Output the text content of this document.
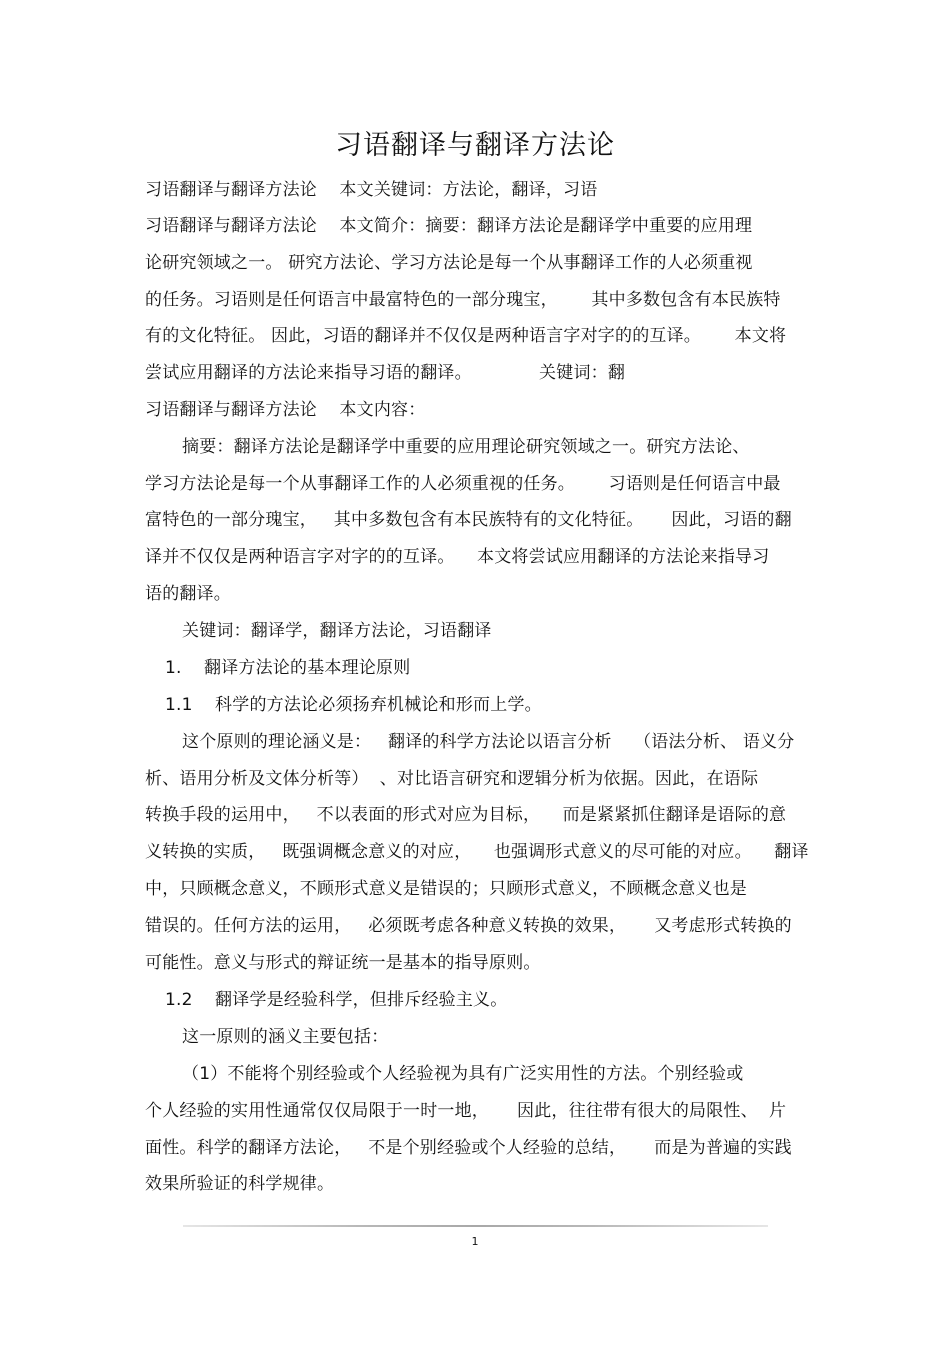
习语翻译与翻译方法论
习语翻译与翻译方法论    本文关键词：方法论，翻译，习语
习语翻译与翻译方法论    本文简介：摘要：翻译方法论是翻译学中重要的应用理
论研究领域之一。 研究方法论、学习方法论是每一个从事翻译工作的人必须重视
的任务。习语则是任何语言中最富特色的一部分瑰宝，      其中多数包含有本民族特
有的文化特征。 因此，习语的翻译并不仅仅是两种语言字对字的的互译。      本文将
尝试应用翻译的方法论来指导习语的翻译。            关键词：翻
习语翻译与翻译方法论    本文内容：
摘要：翻译方法论是翻译学中重要的应用理论研究领域之一。研究方法论、
学习方法论是每一个从事翻译工作的人必须重视的任务。      习语则是任何语言中最
富特色的一部分瑰宝，   其中多数包含有本民族特有的文化特征。     因此，习语的翻
译并不仅仅是两种语言字对字的的互译。    本文将尝试应用翻译的方法论来指导习
语的翻译。
关键词：翻译学，翻译方法论，习语翻译
1.    翻译方法论的基本理论原则
1.1    科学的方法论必须扬弃机械论和形而上学。
这个原则的理论涵义是：   翻译的科学方法论以语言分析    （语法分析、 语义分
析、语用分析及文体分析等）  、对比语言研究和逻辑分析为依据。因此，在语际
转换手段的运用中，   不以表面的形式对应为目标，    而是紧紧抓住翻译是语际的意
义转换的实质，   既强调概念意义的对应，    也强调形式意义的尽可能的对应。    翻译
中，只顾概念意义，不顾形式意义是错误的；只顾形式意义，不顾概念意义也是
错误的。任何方法的运用，   必须既考虑各种意义转换的效果，     又考虑形式转换的
可能性。意义与形式的辩证统一是基本的指导原则。
1.2    翻译学是经验科学，但排斥经验主义。
这一原则的涵义主要包括：
（1）不能将个别经验或个人经验视为具有广泛实用性的方法。个别经验或
个人经验的实用性通常仅仅局限于一时一地，     因此，往往带有很大的局限性、  片
面性。科学的翻译方法论，   不是个别经验或个人经验的总结，     而是为普遍的实践
效果所验证的科学规律。
1
